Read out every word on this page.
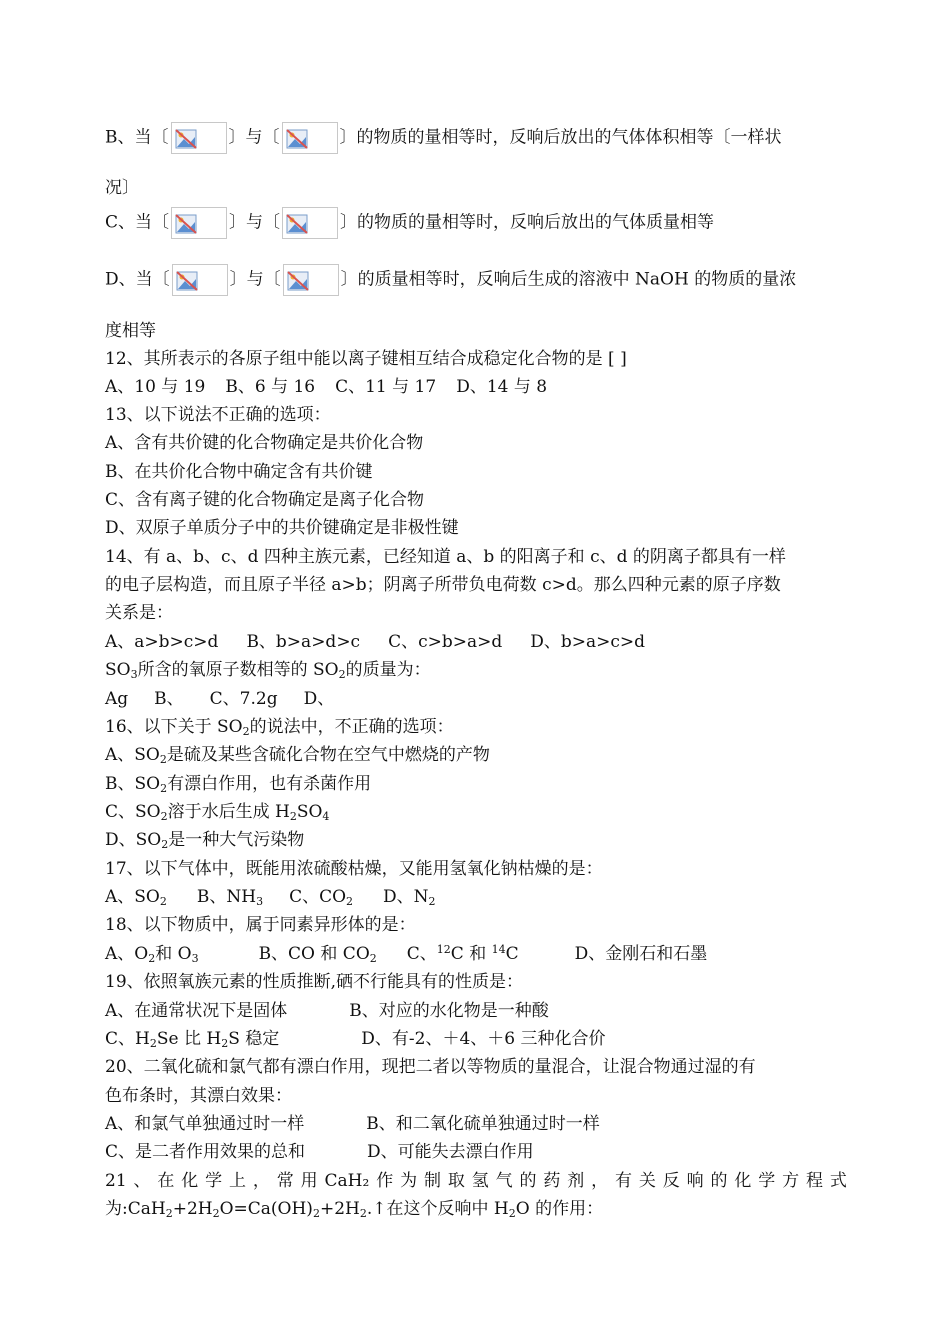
B、当〔	〕与〔	〕的物质的量相等时，反响后放出的气体体积相等〔一样状
况〕
C、当〔	〕与〔	〕的物质的量相等时，反响后放出的气体质量相等
D、当〔	〕与〔	〕的质量相等时，反响后生成的溶液中 NaOH 的物质的量浓
度相等
12、其所表示的各原子组中能以离子键相互结合成稳定化合物的是 [ ]
A、10 与 19 B、6 与 16 C、11 与 17 D、14 与 8
13、以下说法不正确的选项：
A、含有共价键的化合物确定是共价化合物
B、在共价化合物中确定含有共价键
C、含有离子键的化合物确定是离子化合物
D、双原子单质分子中的共价键确定是非极性键
14、有 a、b、c、d 四种主族元素，已经知道 a、b 的阳离子和 c、d 的阴离子都具有一样
的电子层构造，而且原子半径 a>b；阴离子所带负电荷数 c>d。那么四种元素的原子序数
关系是：
A、a>b>c>d B、b>a>d>c C、c>b>a>d D、b>a>c>d
$SO_3$所含的氧原子数相等的 $SO_2$的质量为：
Ag B、 C、7.2g D、
16、以下关于 $SO_2$的说法中，不正确的选项：
A、$SO_2$是硫及某些含硫化合物在空气中燃烧的产物
B、$SO_2$有漂白作用，也有杀菌作用
C、$SO_2$溶于水后生成 $H_2SO_4$
D、$SO_2$是一种大气污染物
17、以下气体中，既能用浓硫酸枯燥，又能用氢氧化钠枯燥的是：
A、$SO_2$ B、$NH_3$ C、$CO_2$ D、$N_2$
18、以下物质中，属于同素异形体的是：
A、$O_2$和 $O_3$	B、CO 和 $CO_2$ C、$^{12}$C 和 $^{14}$C	D、金刚石和石墨
19、依照氧族元素的性质推断,硒不行能具有的性质是：
A、在通常状况下是固体	B、对应的水化物是一种酸
C、$H_2Se$ 比 $H_2S$ 稳定	D、有-2、＋4、＋6 三种化合价
20、二氧化硫和氯气都有漂白作用，现把二者以等物质的量混合，让混合物通过湿的有
色布条时，其漂白效果：
A、和氯气单独通过时一样	B、和二氧化硫单独通过时一样
C、是二者作用效果的总和	D、可能失去漂白作用
21 、 在 化 学 上 ， 常 用 CaH₂ 作 为 制 取 氢 气 的 药 剂 ， 有 关 反 响 的 化 学 方 程 式
为$:CaH_2+2H_2O=Ca(OH)_2+2H_2.↑$在这个反响中 $H_2O$ 的作用：
